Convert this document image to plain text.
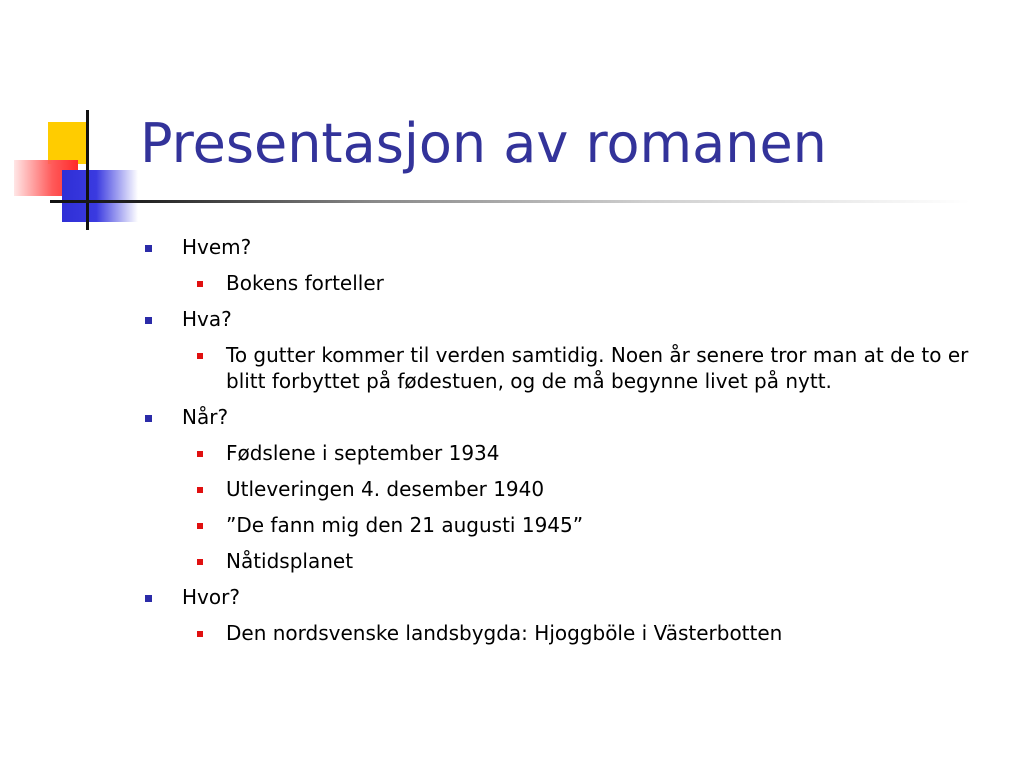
Presentasjon av romanen
Hvem?
Bokens forteller
Hva?
To gutter kommer til verden samtidig. Noen år senere tror man at de to er blitt forbyttet på fødestuen, og de må begynne livet på nytt.
Når?
Fødslene i september 1934
Utleveringen 4. desember 1940
”De fann mig den 21 augusti 1945”
Nåtidsplanet
Hvor?
Den nordsvenske landsbygda: Hjoggböle i Västerbotten
